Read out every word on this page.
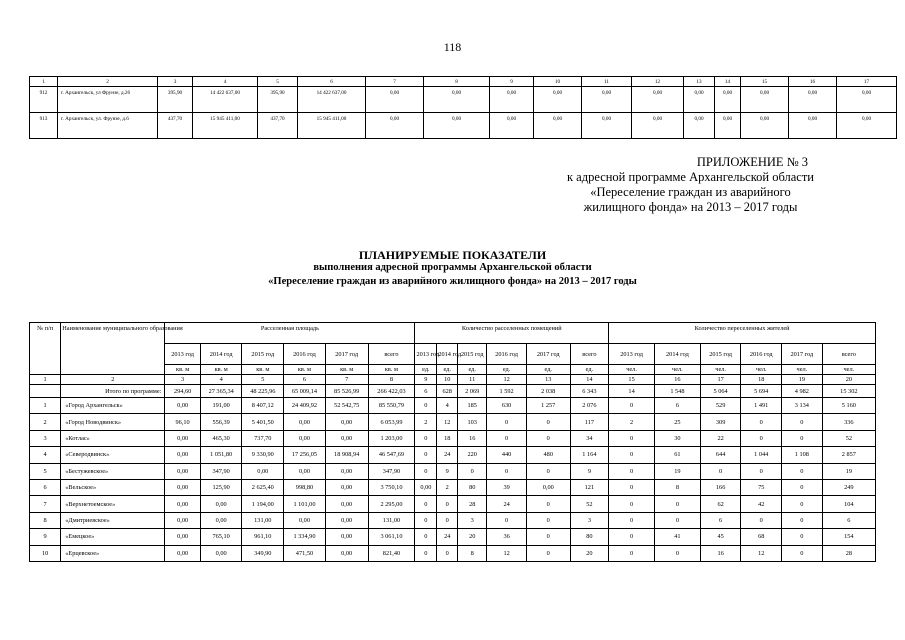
118
1	2	3	4	5	6	7	8	9	10	11	12	13	14	15	16	17
912	г. Архангельск, ул Фрунзе, д.26	395,90	14 422 637,00	395,90	14 422 637,00	0,00	0,00	0,00	0,00	0,00	0,00	0,00	0,00	0,00	0,00	0,00
913	г. Архангельск, ул. Фрунзе, д.6	437,70	15 945 411,00	437,70	15 945 411,00	0,00	0,00	0,00	0,00	0,00	0,00	0,00	0,00	0,00	0,00	0,00
ПРИЛОЖЕНИЕ № 3
к адресной программе Архангельской области
«Переселение граждан из аварийного
жилищного фонда» на 2013 – 2017 годы
ПЛАНИРУЕМЫЕ ПОКАЗАТЕЛИ
выполнения адресной программы Архангельской области
«Переселение граждан из аварийного жилищного фонда» на 2013 – 2017 годы
№ п/п	Наименование муниципального образования	Расселенная площадь						Количество расселенных помещений						Количество переселенных жителей					
		2013 год	2014 год	2015 год	2016 год	2017 год	всего	2013 год	2014 год	2015 год	2016 год	2017 год	всего	2013 год	2014 год	2015 год	2016 год	2017 год	всего
		кв. м	кв. м	кв. м	кв. м	кв. м	кв. м	ед.	ед.	ед.	ед.	ед.	ед.	чел.	чел.	чел.	чел.	чел.	чел.
1	2	3	4	5	6	7	8	9	10	11	12	13	14	15	16	17	18	19	20
	Итого по программе:	294,60	27 365,34	48 225,96	65 009,14	85 526,99	266 422,03	6	628	2 069	1 592	2 038	6 343	14	1 548	5 064	5 694	4 982	15 302
1	«Город Архангельск»	0,00	191,00	8 407,12	24 409,92	52 542,75	85 550,79	0	4	185	630	1 257	2 076	0	6	529	1 491	3 134	5 160
2	«Город Новодвинск»	96,10	556,39	5 401,50	0,00	0,00	6 053,99	2	12	103	0	0	117	2	25	309	0	0	336
3	«Котлас»	0,00	465,30	737,70	0,00	0,00	1 203,00	0	18	16	0	0	34	0	30	22	0	0	52
4	«Северодвинск»	0,00	1 051,80	9 330,90	17 256,05	18 908,94	46 547,69	0	24	220	440	480	1 164	0	61	644	1 044	1 108	2 857
5	«Бестужевское»	0,00	347,90	0,00	0,00	0,00	347,90	0	9	0	0	0	9	0	19	0	0	0	19
6	«Вельское»	0,00	125,90	2 625,40	998,80	0,00	3 750,10	0,00	2	80	39	0,00	121	0	8	166	75	0	249
7	«Верхнетоемское»	0,00	0,00	1 194,00	1 101,00	0,00	2 295,00	0	0	28	24	0	52	0	0	62	42	0	104
8	«Дмитриевское»	0,00	0,00	131,00	0,00	0,00	131,00	0	0	3	0	0	3	0	0	6	0	0	6
9	«Емецкое»	0,00	765,10	961,10	1 334,90	0,00	3 061,10	0	24	20	36	0	80	0	41	45	68	0	154
10	«Ерцевское»	0,00	0,00	349,90	471,50	0,00	821,40	0	0	8	12	0	20	0	0	16	12	0	28
